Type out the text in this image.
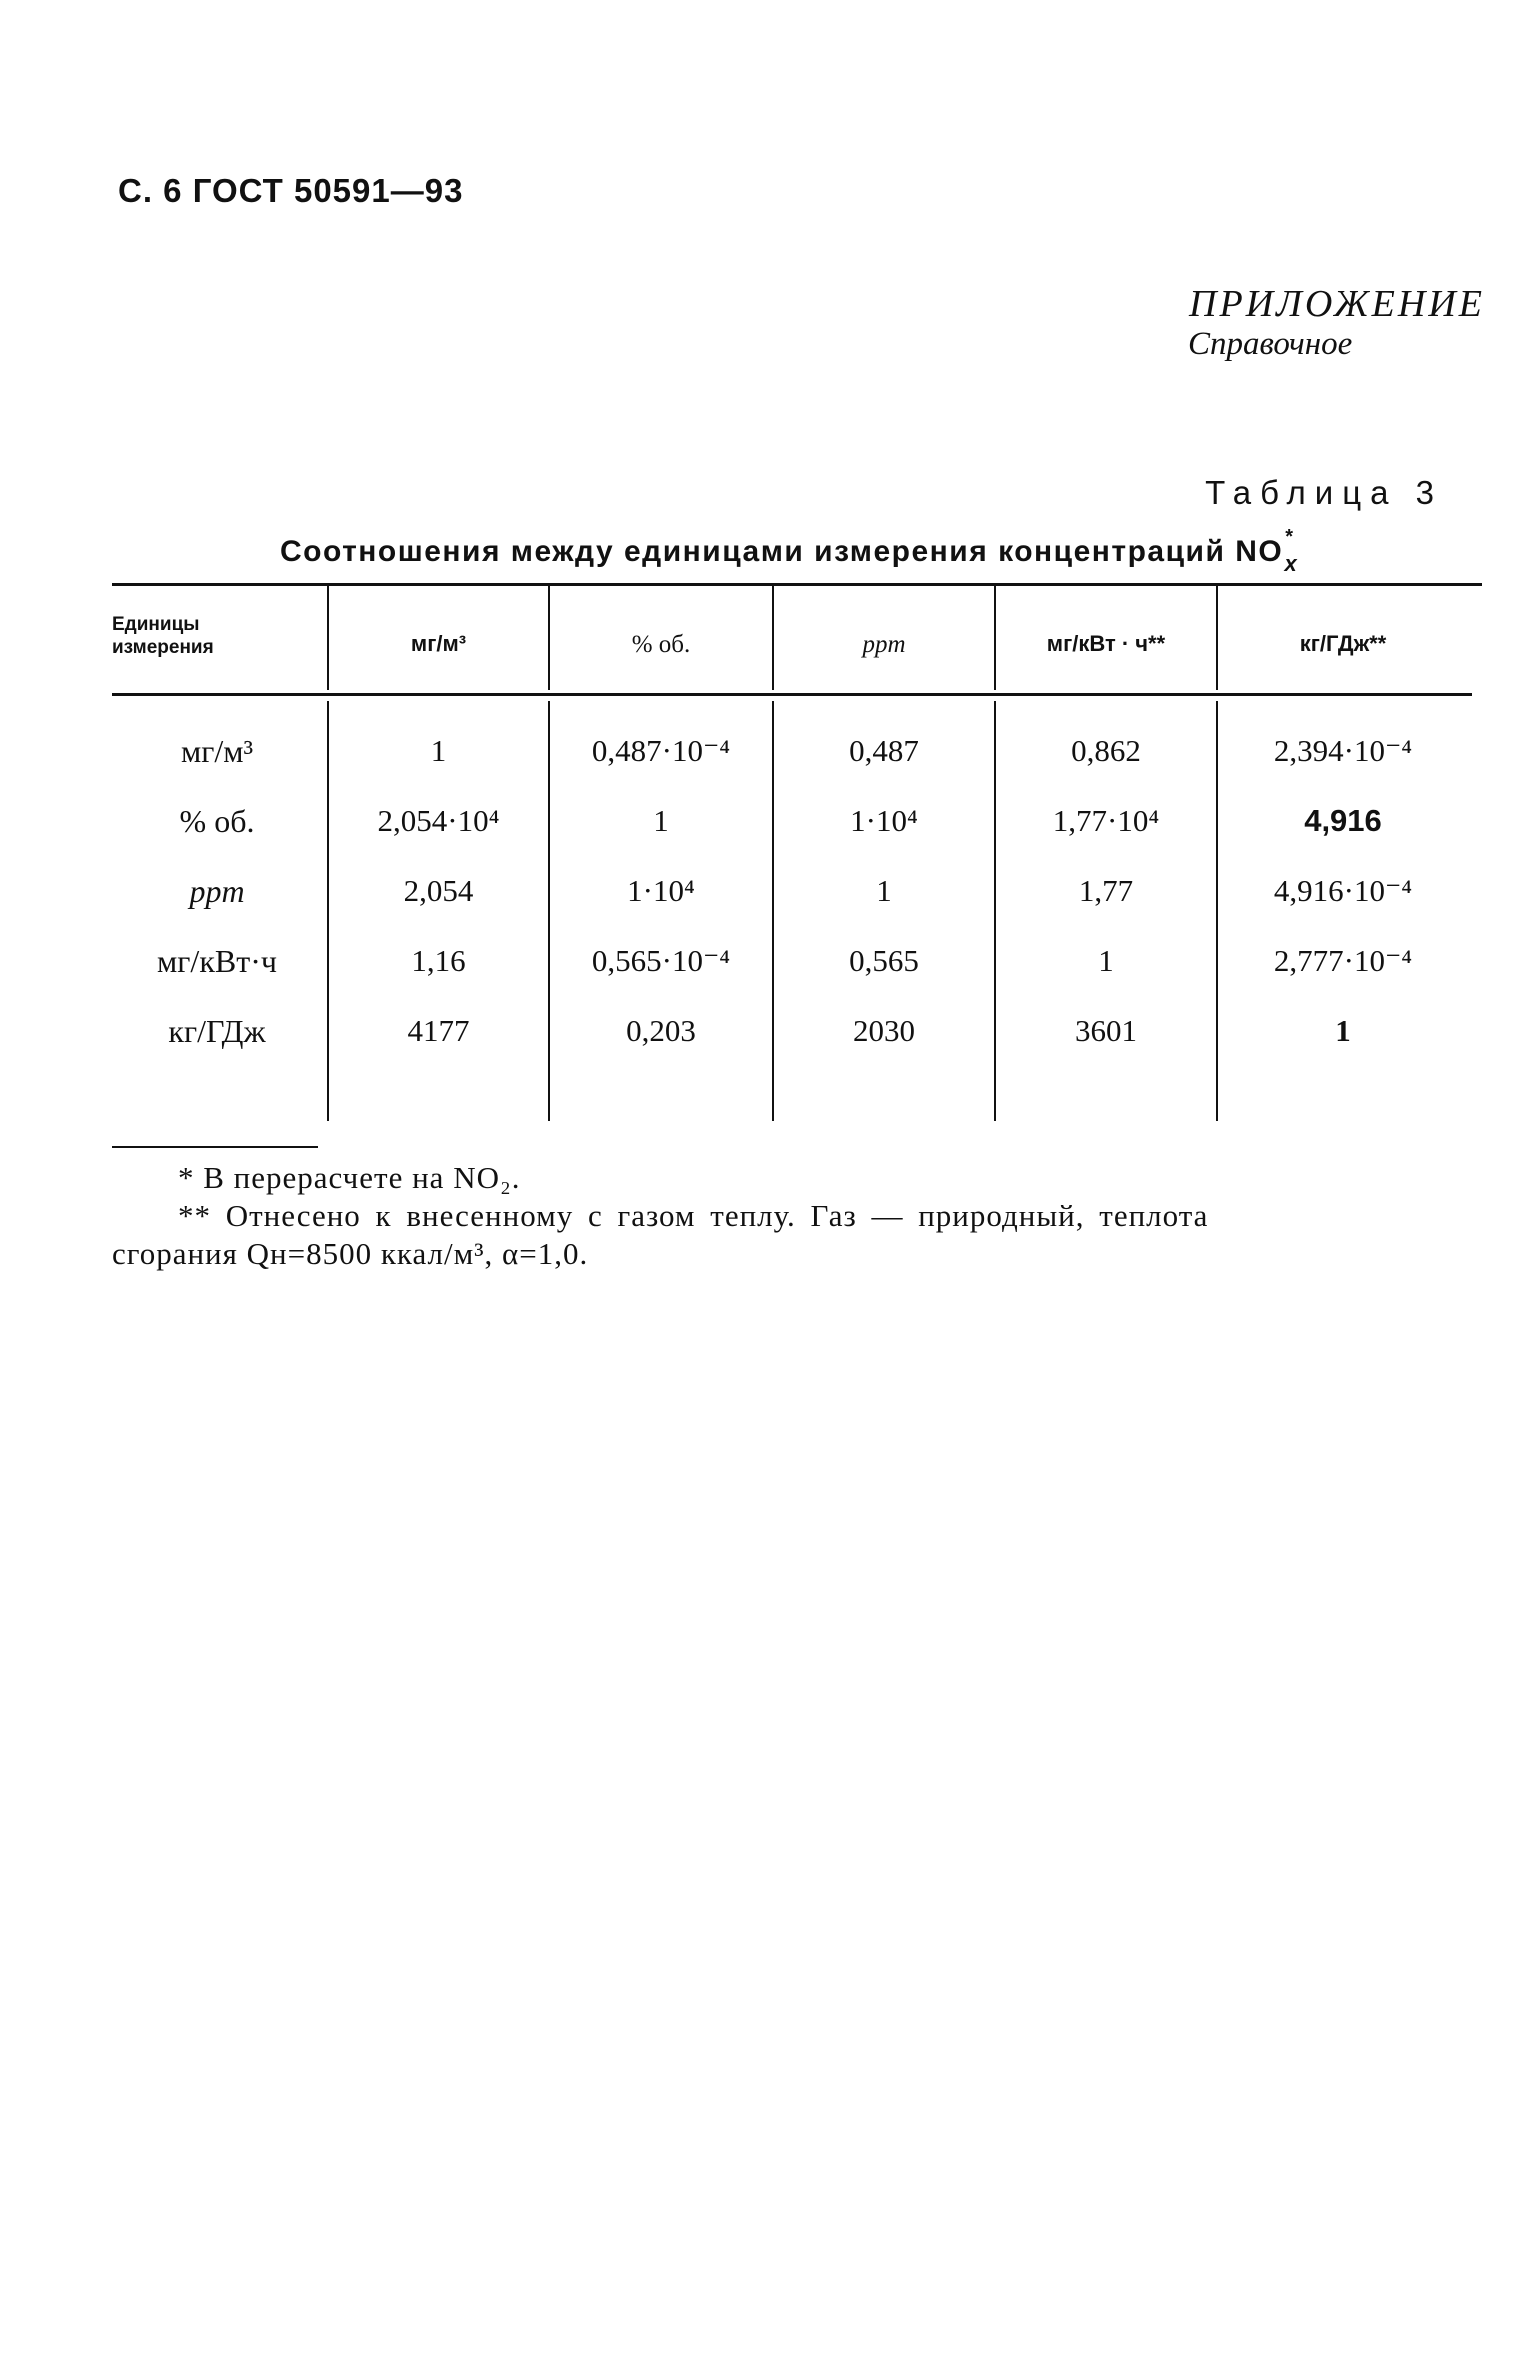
С. 6 ГОСТ 50591—93
ПРИЛОЖЕНИЕ
Справочное
Таблица 3
Соотношения между единицами измерения концентраций NO *$_x$
Единицы
измерения	мг/м³	% об.	ppm	мг/кВт · ч**	кг/ГДж**
мг/м³	1	0,487·10⁻⁴	0,487	0,862	2,394·10⁻⁴
% об.	2,054·10⁴	1	1·10⁴	1,77·10⁴	4,916
ppm	2,054	1·10⁴	1	1,77	4,916·10⁻⁴
мг/кВт·ч	1,16	0,565·10⁻⁴	0,565	1	2,777·10⁻⁴
кг/ГДж	4177	0,203	2030	3601	1
* В перерасчете на NO₂.
** Отнесено к внесенному с газом теплу. Газ — природный, теплота
сгорания Qн=8500 ккал/м³, α=1,0.
